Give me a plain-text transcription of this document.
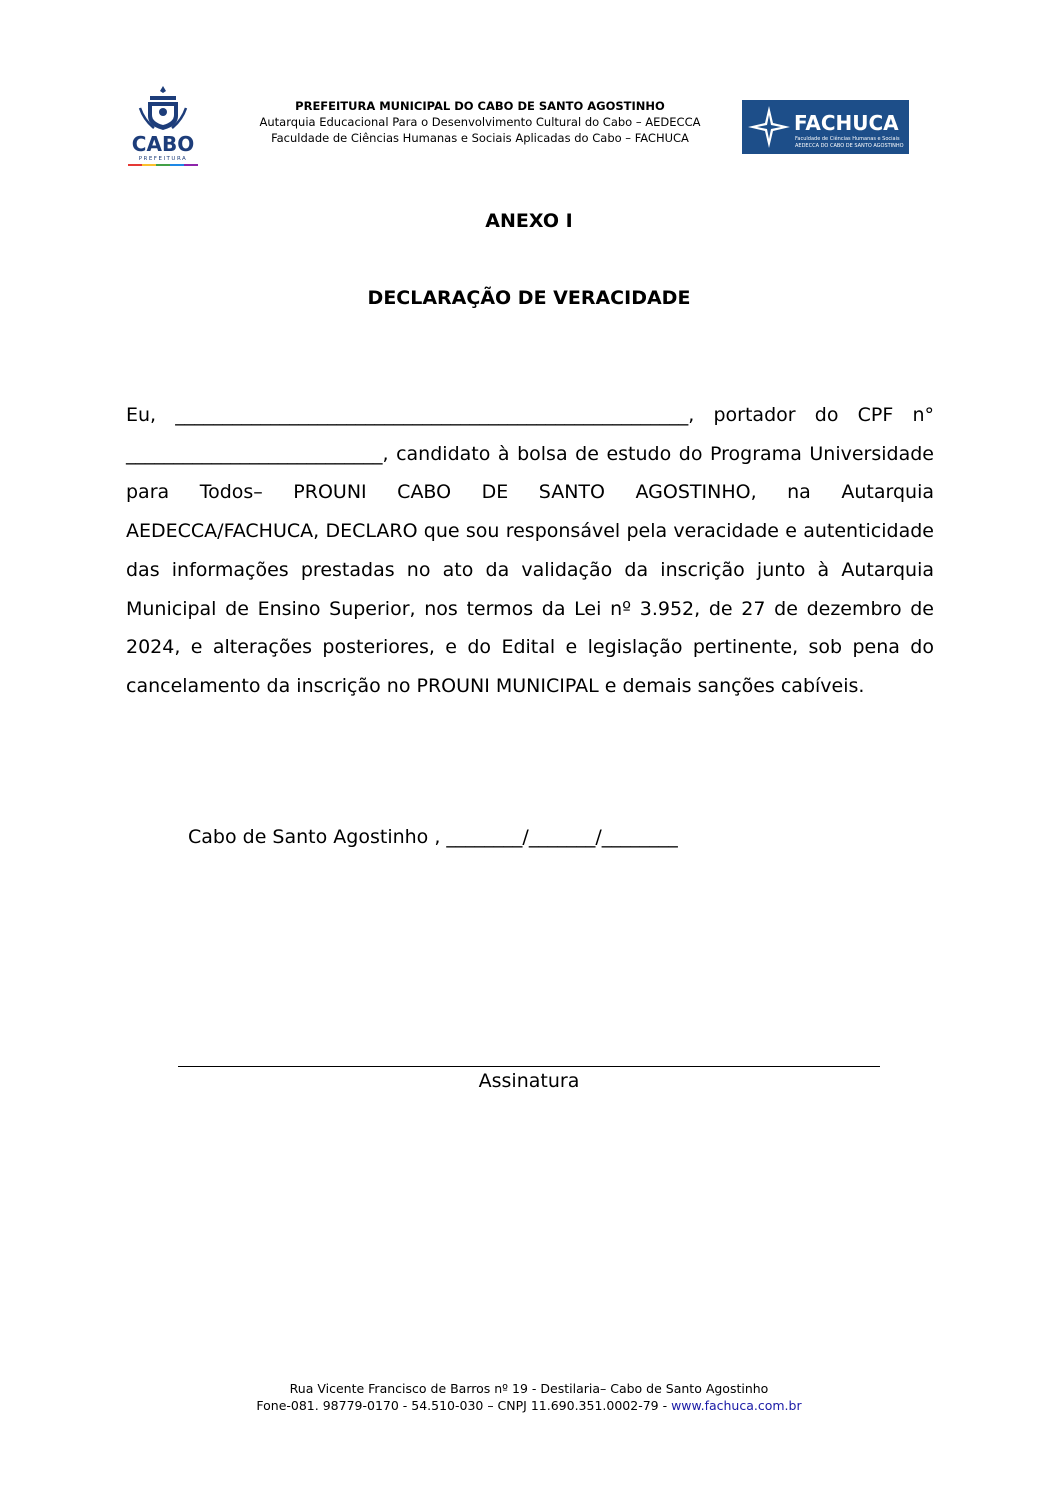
CABO
PREFEITURA
PREFEITURA MUNICIPAL DO CABO DE SANTO AGOSTINHO
Autarquia Educacional Para o Desenvolvimento Cultural do Cabo – AEDECCA
Faculdade de Ciências Humanas e Sociais Aplicadas do Cabo – FACHUCA
FACHUCA
Faculdade de Ciências Humanas e Sociais
AEDECCA DO CABO DE SANTO AGOSTINHO
ANEXO I
DECLARAÇÃO DE VERACIDADE
Eu, ______________________________________________________, portador do CPF n° ___________________________, candidato à bolsa de estudo do Programa Universidade para Todos– PROUNI CABO DE SANTO AGOSTINHO, na Autarquia AEDECCA/FACHUCA, DECLARO que sou responsável pela veracidade e autenticidade das informações prestadas no ato da validação da inscrição junto à Autarquia Municipal de Ensino Superior, nos termos da Lei nº 3.952, de 27 de dezembro de 2024, e alterações posteriores, e do Edital e legislação pertinente, sob pena do cancelamento da inscrição no PROUNI MUNICIPAL e demais sanções cabíveis.
Cabo de Santo Agostinho , ________/_______/________
Assinatura
Rua Vicente Francisco de Barros nº 19 - Destilaria– Cabo de Santo Agostinho
Fone-081. 98779-0170 - 54.510-030 – CNPJ 11.690.351.0002-79 - www.fachuca.com.br
